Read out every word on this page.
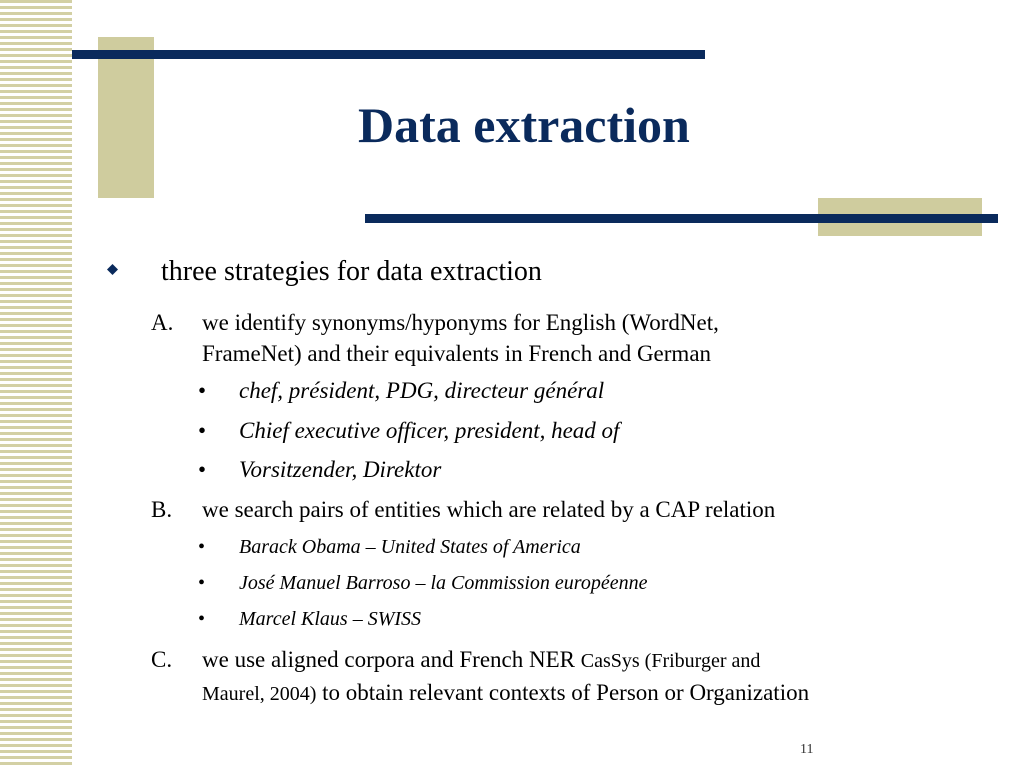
Data extraction
three strategies for data extraction
A. we identify synonyms/hyponyms for English (WordNet,
FrameNet) and their equivalents in French and German
• chef, président, PDG, directeur général
• Chief executive officer, president, head of
• Vorsitzender, Direktor
B. we search pairs of entities which are related by a CAP relation
• Barack Obama – United States of America
• José Manuel Barroso – la Commission européenne
• Marcel Klaus – SWISS
C. we use aligned corpora and French NER CasSys (Friburger and
Maurel, 2004) to obtain relevant contexts of Person or Organization
11
